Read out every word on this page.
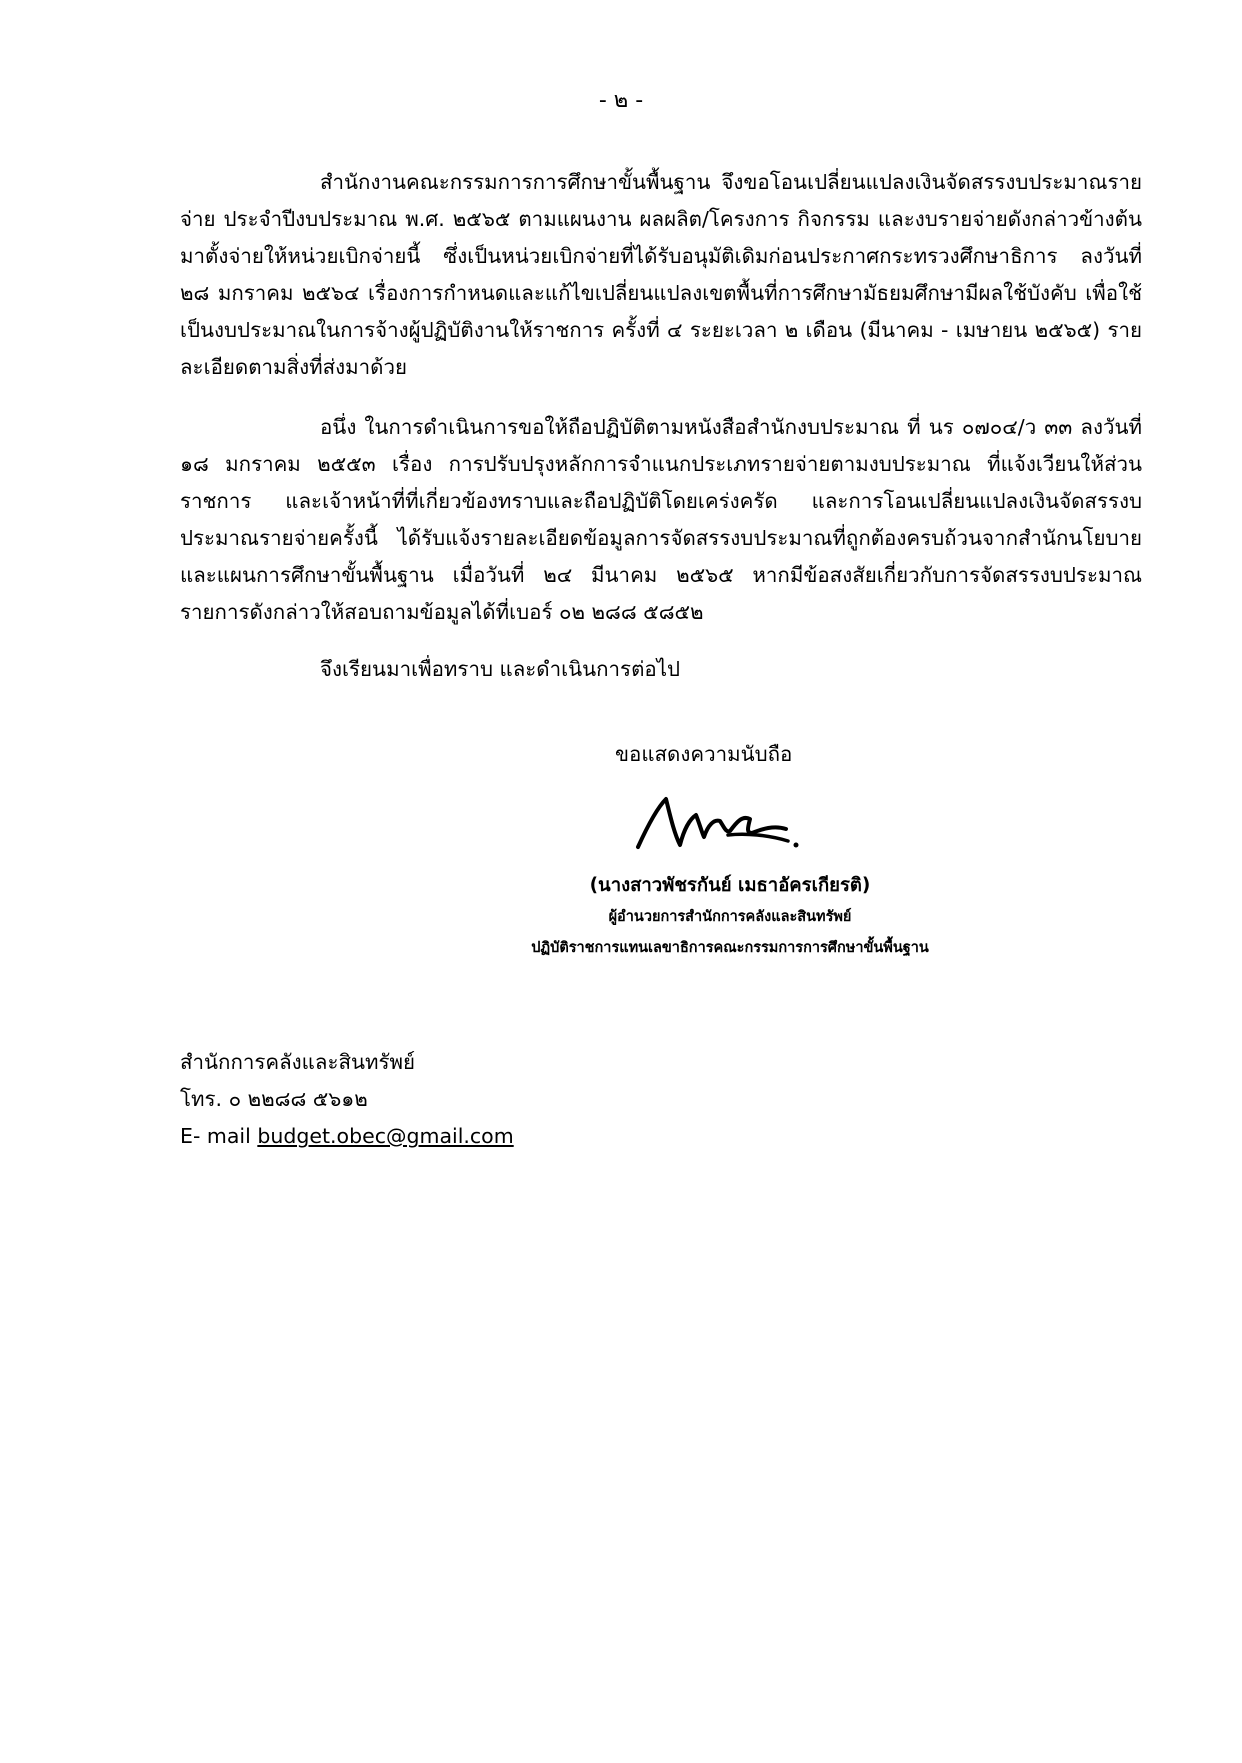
- ๒ -

สำนักงานคณะกรรมการการศึกษาขั้นพื้นฐาน จึงขอโอนเปลี่ยนแปลงเงินจัดสรรงบประมาณรายจ่าย ประจำปีงบประมาณ พ.ศ. ๒๕๖๕ ตามแผนงาน ผลผลิต/โครงการ กิจกรรม และงบรายจ่ายดังกล่าวข้างต้นมาตั้งจ่ายให้หน่วยเบิกจ่ายนี้ ซึ่งเป็นหน่วยเบิกจ่ายที่ได้รับอนุมัติเดิมก่อนประกาศกระทรวงศึกษาธิการ ลงวันที่ ๒๘ มกราคม ๒๕๖๔ เรื่องการกำหนดและแก้ไขเปลี่ยนแปลงเขตพื้นที่การศึกษามัธยมศึกษามีผลใช้บังคับ เพื่อใช้เป็นงบประมาณในการจ้างผู้ปฏิบัติงานให้ราชการ ครั้งที่ ๔ ระยะเวลา ๒ เดือน (มีนาคม - เมษายน ๒๕๖๕) รายละเอียดตามสิ่งที่ส่งมาด้วย

อนึ่ง ในการดำเนินการขอให้ถือปฏิบัติตามหนังสือสำนักงบประมาณ ที่ นร ๐๗๐๔/ว ๓๓ ลงวันที่ ๑๘ มกราคม ๒๕๕๓ เรื่อง การปรับปรุงหลักการจำแนกประเภทรายจ่ายตามงบประมาณ ที่แจ้งเวียนให้ส่วนราชการ และเจ้าหน้าที่ที่เกี่ยวข้องทราบและถือปฏิบัติโดยเคร่งครัด และการโอนเปลี่ยนแปลงเงินจัดสรรงบประมาณรายจ่ายครั้งนี้ ได้รับแจ้งรายละเอียดข้อมูลการจัดสรรงบประมาณที่ถูกต้องครบถ้วนจากสำนักนโยบายและแผนการศึกษาขั้นพื้นฐาน เมื่อวันที่ ๒๔ มีนาคม ๒๕๖๕ หากมีข้อสงสัยเกี่ยวกับการจัดสรรงบประมาณรายการดังกล่าวให้สอบถามข้อมูลได้ที่เบอร์ ๐๒ ๒๘๘ ๕๘๕๒

จึงเรียนมาเพื่อทราบ และดำเนินการต่อไป

ขอแสดงความนับถือ
(นางสาวพัชรกันย์ เมธาอัครเกียรติ)
ผู้อำนวยการสำนักการคลังและสินทรัพย์
ปฏิบัติราชการแทนเลขาธิการคณะกรรมการการศึกษาขั้นพื้นฐาน
สำนักการคลังและสินทรัพย์
โทร. ๐ ๒๒๘๘ ๕๖๑๒
E- mail budget.obec@gmail.com
